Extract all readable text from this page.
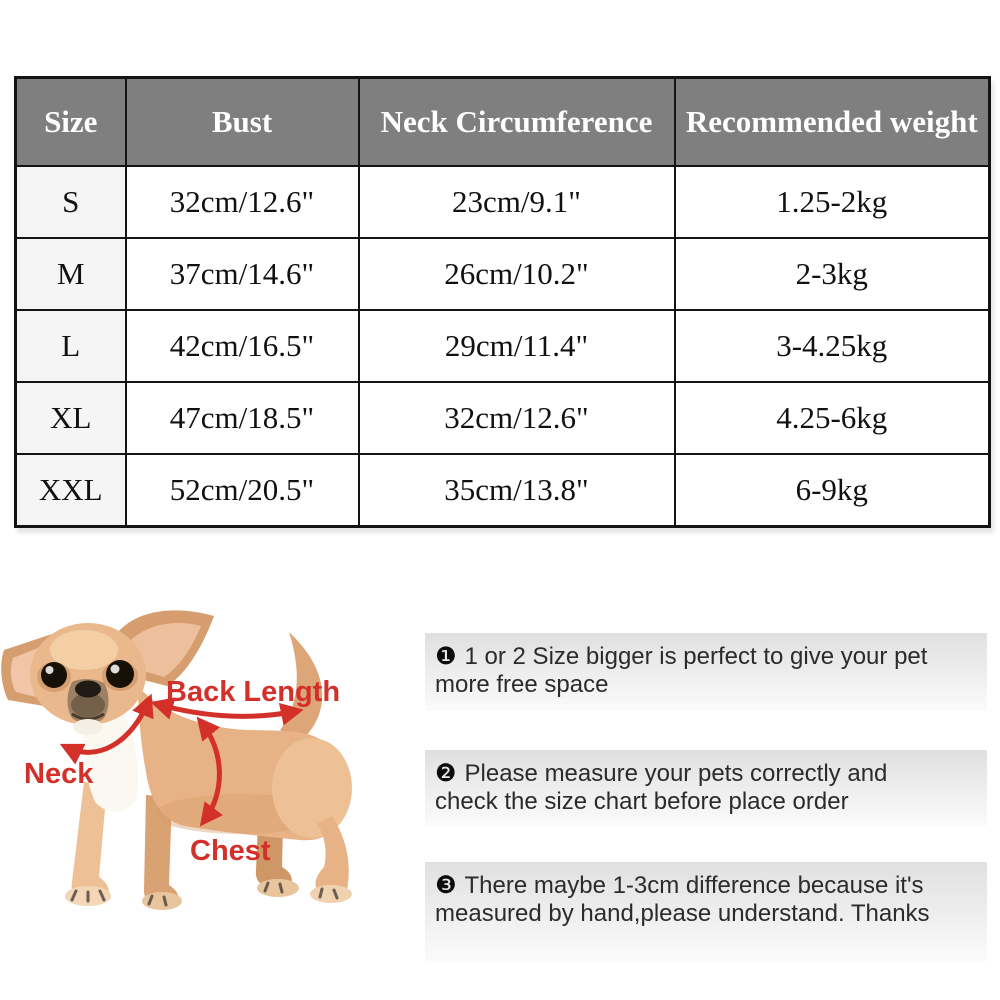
Size	Bust	Neck Circumference	Recommended weight
S	32cm/12.6"	23cm/9.1"	1.25-2kg
M	37cm/14.6"	26cm/10.2"	2-3kg
L	42cm/16.5"	29cm/11.4"	3-4.25kg
XL	47cm/18.5"	32cm/12.6"	4.25-6kg
XXL	52cm/20.5"	35cm/13.8"	6-9kg
Back Length
Neck
Chest
❶ 1 or 2 Size bigger is perfect to give your pet more free space
❷ Please measure your pets correctly and check the size chart before place order
❸ There maybe 1-3cm difference because it's measured by hand,please understand. Thanks
